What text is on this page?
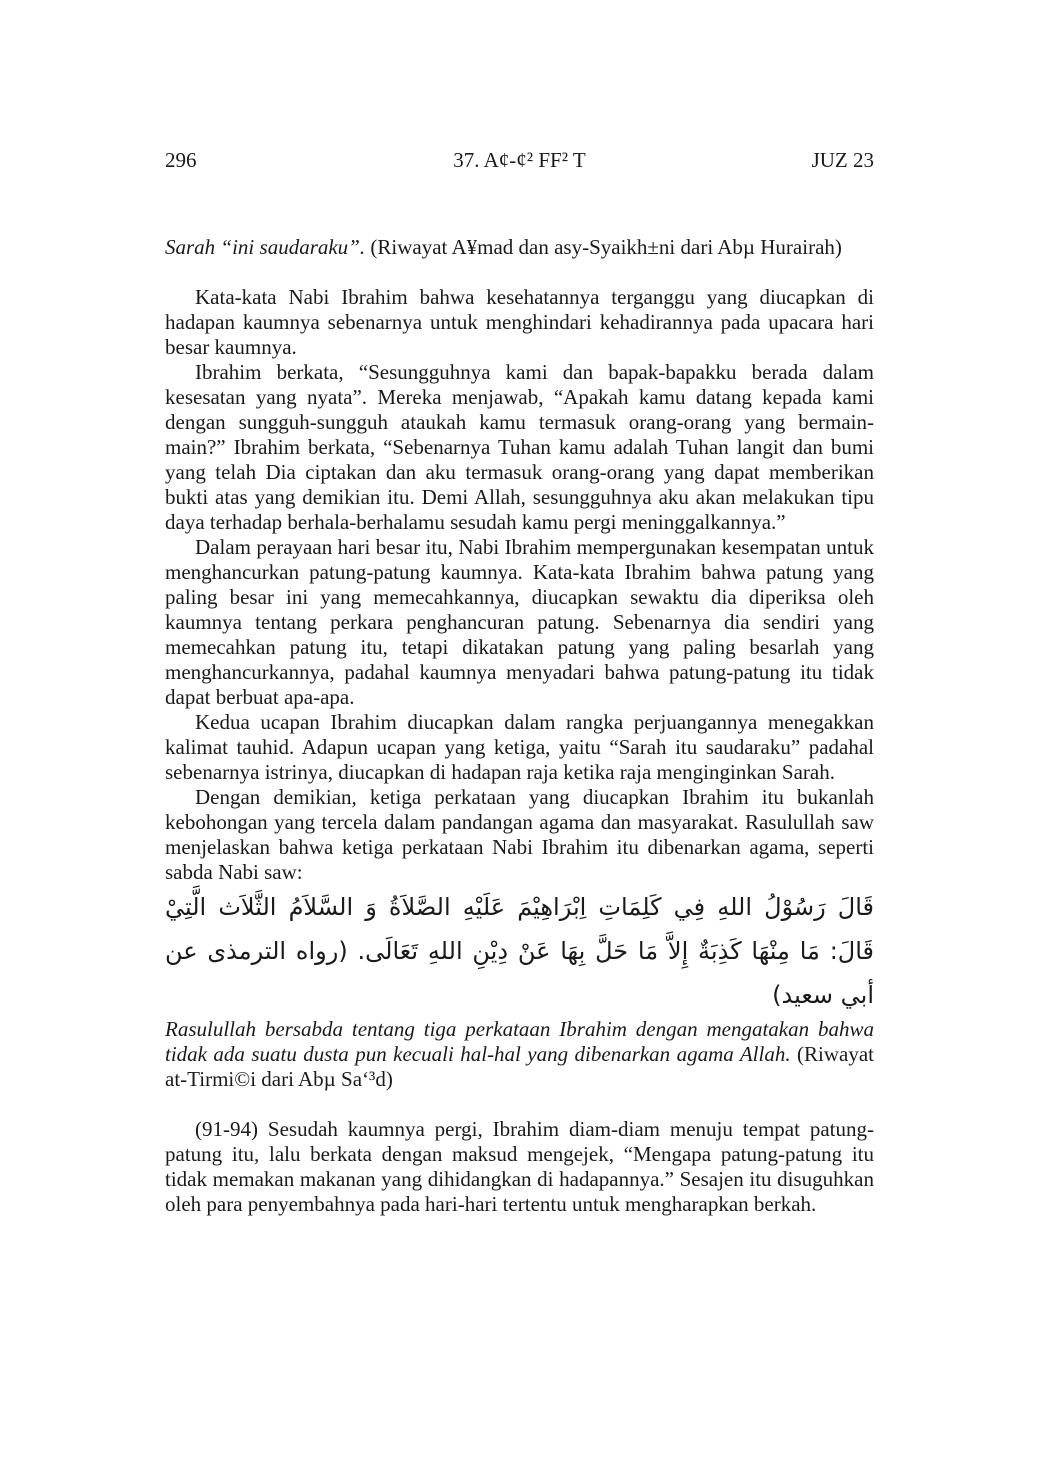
296	37. A¢-¢² FF² T	JUZ 23

Sarah “ini saudaraku”. (Riwayat A¥mad dan asy-Syaikh±ni dari Abµ Hurairah)

Kata-kata Nabi Ibrahim bahwa kesehatannya terganggu yang diucapkan di hadapan kaumnya sebenarnya untuk menghindari kehadirannya pada upacara hari besar kaumnya.

Ibrahim berkata, “Sesungguhnya kami dan bapak-bapakku berada dalam kesesatan yang nyata”. Mereka menjawab, “Apakah kamu datang kepada kami dengan sungguh-sungguh ataukah kamu termasuk orang-orang yang bermain-main?” Ibrahim berkata, “Sebenarnya Tuhan kamu adalah Tuhan langit dan bumi yang telah Dia ciptakan dan aku termasuk orang-orang yang dapat memberikan bukti atas yang demikian itu. Demi Allah, sesungguhnya aku akan melakukan tipu daya terhadap berhala-berhalamu sesudah kamu pergi meninggalkannya.”

Dalam perayaan hari besar itu, Nabi Ibrahim mempergunakan kesempatan untuk menghancurkan patung-patung kaumnya. Kata-kata Ibrahim bahwa patung yang paling besar ini yang memecahkannya, diucapkan sewaktu dia diperiksa oleh kaumnya tentang perkara penghancuran patung. Sebenarnya dia sendiri yang memecahkan patung itu, tetapi dikatakan patung yang paling besarlah yang menghancurkannya, padahal kaumnya menyadari bahwa patung-patung itu tidak dapat berbuat apa-apa.

Kedua ucapan Ibrahim diucapkan dalam rangka perjuangannya menegakkan kalimat tauhid. Adapun ucapan yang ketiga, yaitu “Sarah itu saudaraku” padahal sebenarnya istrinya, diucapkan di hadapan raja ketika raja menginginkan Sarah.

Dengan demikian, ketiga perkataan yang diucapkan Ibrahim itu bukanlah kebohongan yang tercela dalam pandangan agama dan masyarakat. Rasulullah saw menjelaskan bahwa ketiga perkataan Nabi Ibrahim itu dibenarkan agama, seperti sabda Nabi saw:

قَالَ رَسُوْلُ اللهِ فِي كَلِمَاتِ اِبْرَاهِيْمَ عَلَيْهِ الصَّلاَةُ وَ السَّلاَمُ الثَّلاَث الَّتِيْ قَالَ: مَا مِنْهَا كَذِبَةٌ إِلاَّ مَا حَلَّ بِهَا عَنْ دِيْنِ اللهِ تَعَالَى. (رواه الترمذى عن أبي سعيد)

Rasulullah bersabda tentang tiga perkataan Ibrahim dengan mengatakan bahwa tidak ada suatu dusta pun kecuali hal-hal yang dibenarkan agama Allah. (Riwayat at-Tirmi©i dari Abµ Sa‘³d)

(91-94) Sesudah kaumnya pergi, Ibrahim diam-diam menuju tempat patung-patung itu, lalu berkata dengan maksud mengejek, “Mengapa patung-patung itu tidak memakan makanan yang dihidangkan di hadapannya.” Sesajen itu disuguhkan oleh para penyembahnya pada hari-hari tertentu untuk mengharapkan berkah.
